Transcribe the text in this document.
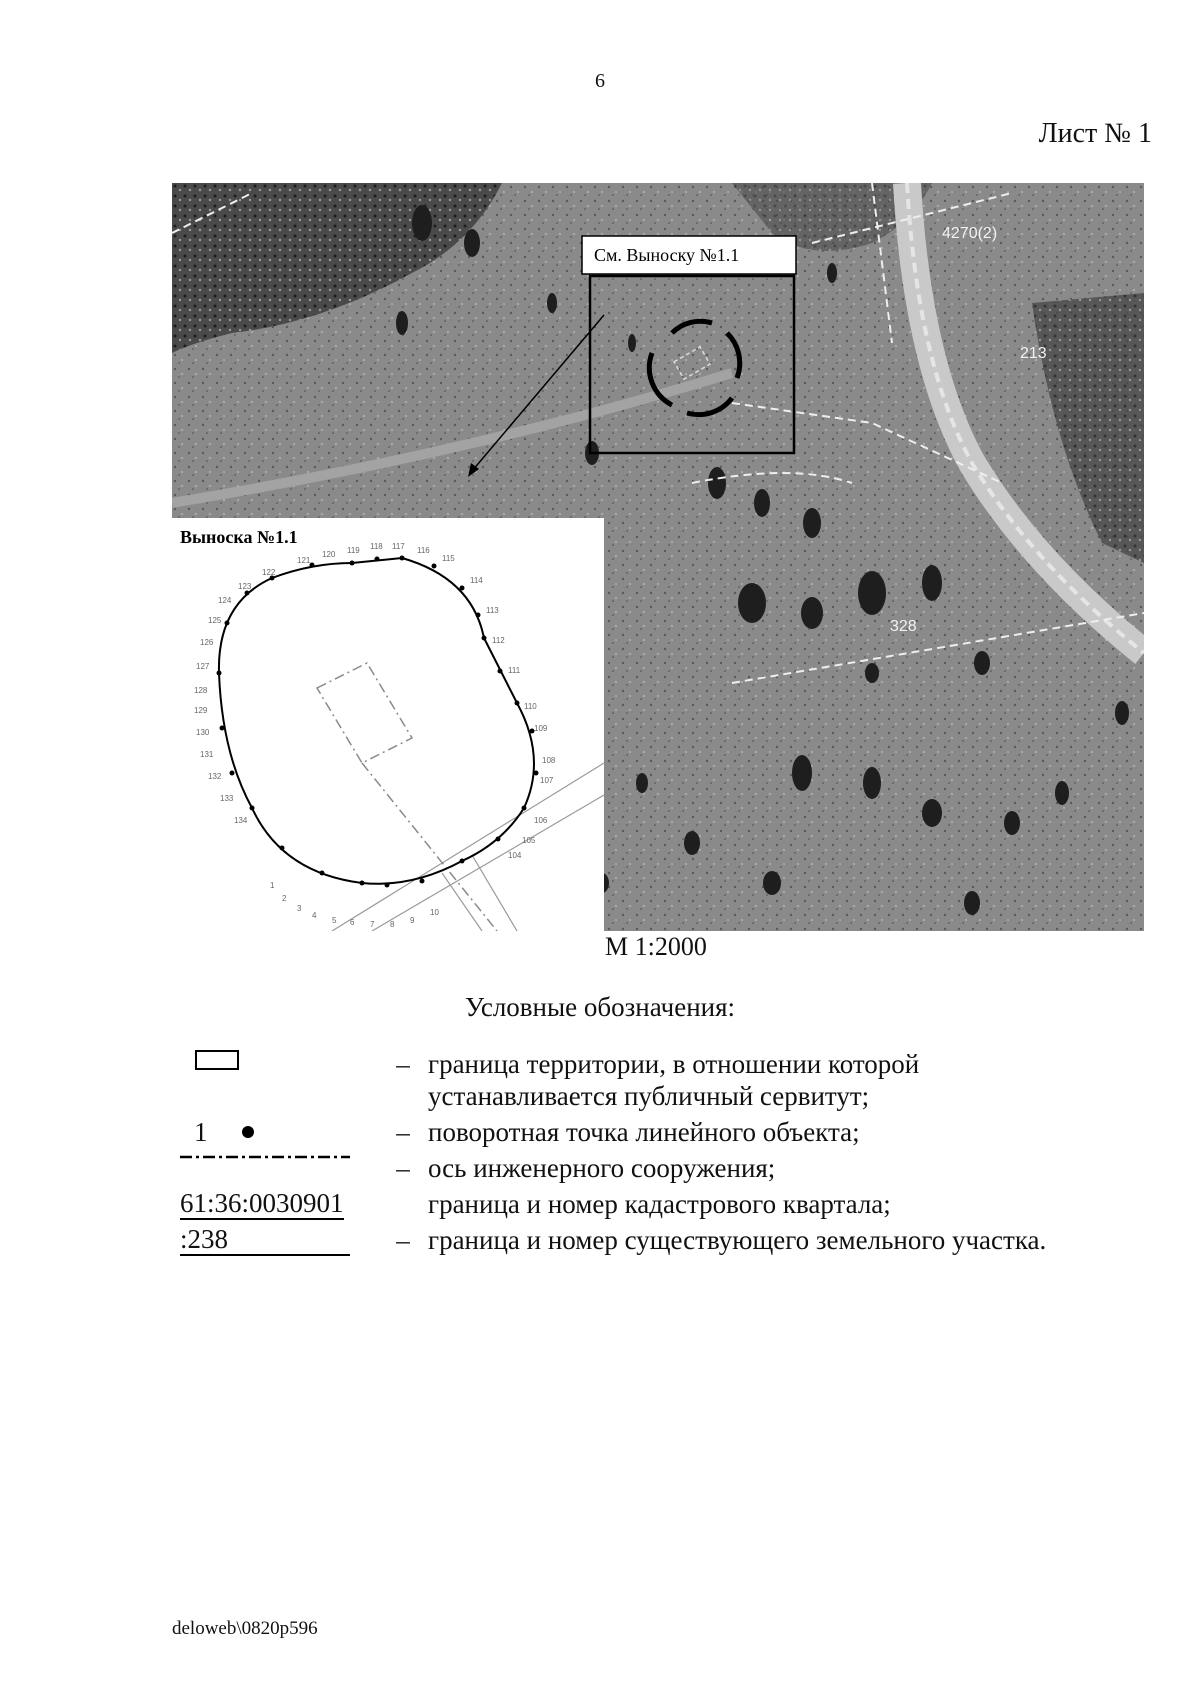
6
Лист № 1
4270(2)
213
328
См. Выноску №1.1
Выноска №1.1
1
2
3
4
5 6 7 8 9
10
104
105
106
107
108
109
110
111
112
113
114
115
116
117
118
119
120
121
122
123
124
125
126
127
128
129
130
131
132
133
134
М 1:2000
Условные обозначения:
– граница территории, в отношении которой
устанавливается публичный сервитут;
1	– поворотная точка линейного объекта;
– ось инженерного сооружения;
61:36:0030901	граница и номер кадастрового квартала;
:238	– граница и номер существующего земельного участка.
deloweb\0820p596
